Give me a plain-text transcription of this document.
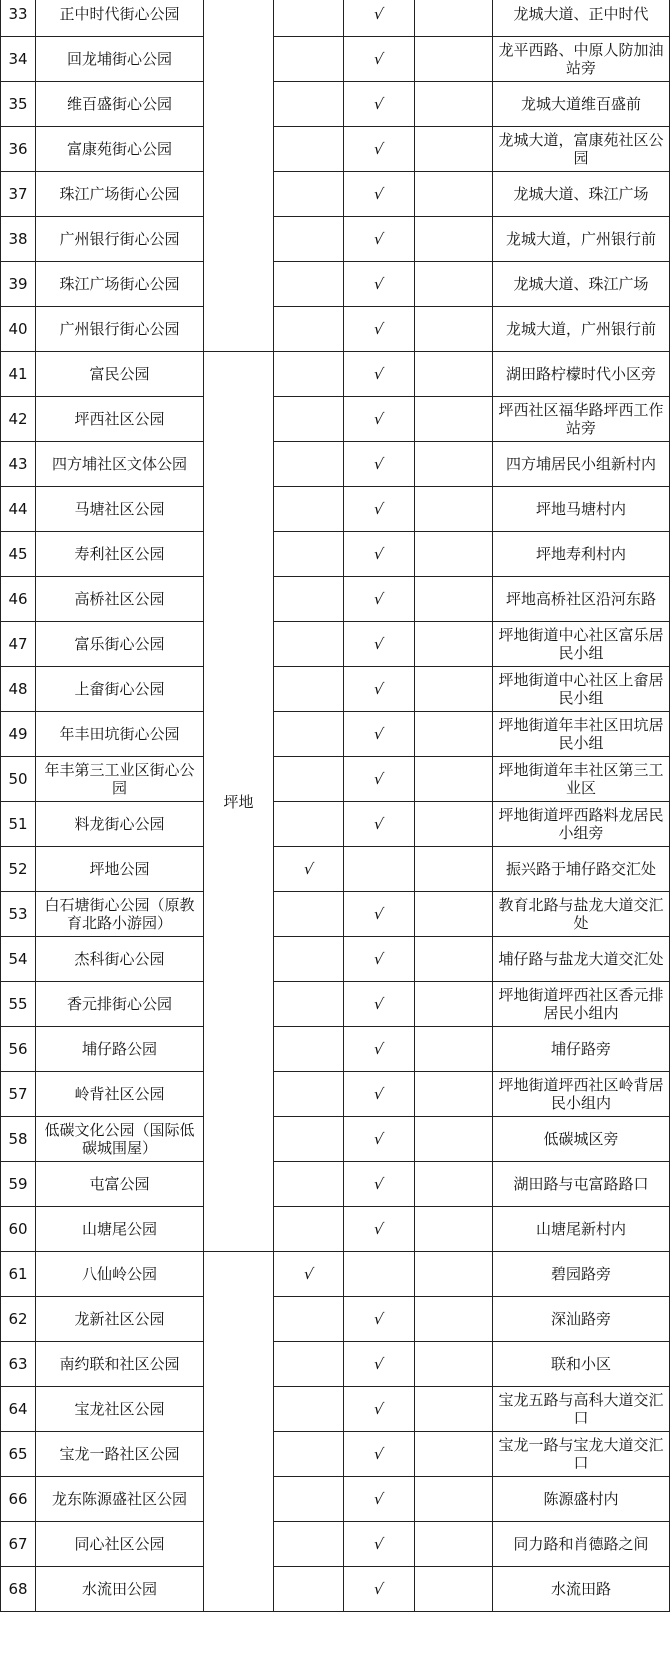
33	正中时代街心公园			√		龙城大道、正中时代
34	回龙埔街心公园			√		龙平西路、中原人防加油站旁
35	维百盛街心公园			√		龙城大道维百盛前
36	富康苑街心公园			√		龙城大道，富康苑社区公园
37	珠江广场街心公园			√		龙城大道、珠江广场
38	广州银行街心公园			√		龙城大道，广州银行前
39	珠江广场街心公园			√		龙城大道、珠江广场
40	广州银行街心公园			√		龙城大道，广州银行前
41	富民公园	坪地		√		湖田路柠檬时代小区旁
42	坪西社区公园			√		坪西社区福华路坪西工作站旁
43	四方埔社区文体公园			√		四方埔居民小组新村内
44	马塘社区公园			√		坪地马塘村内
45	寿利社区公园			√		坪地寿利村内
46	高桥社区公园			√		坪地高桥社区沿河东路
47	富乐街心公园			√		坪地街道中心社区富乐居民小组
48	上畲街心公园			√		坪地街道中心社区上畲居民小组
49	年丰田坑街心公园			√		坪地街道年丰社区田坑居民小组
50	年丰第三工业区街心公园			√		坪地街道年丰社区第三工业区
51	料龙街心公园			√		坪地街道坪西路料龙居民小组旁
52	坪地公园		√			振兴路于埔仔路交汇处
53	白石塘街心公园（原教育北路小游园）			√		教育北路与盐龙大道交汇处
54	杰科街心公园			√		埔仔路与盐龙大道交汇处
55	香元排街心公园			√		坪地街道坪西社区香元排居民小组内
56	埔仔路公园			√		埔仔路旁
57	岭背社区公园			√		坪地街道坪西社区岭背居民小组内
58	低碳文化公园（国际低碳城围屋）			√		低碳城区旁
59	屯富公园			√		湖田路与屯富路路口
60	山塘尾公园			√		山塘尾新村内
61	八仙岭公园		√			碧园路旁
62	龙新社区公园			√		深汕路旁
63	南约联和社区公园			√		联和小区
64	宝龙社区公园			√		宝龙五路与高科大道交汇口
65	宝龙一路社区公园			√		宝龙一路与宝龙大道交汇口
66	龙东陈源盛社区公园			√		陈源盛村内
67	同心社区公园			√		同力路和肖德路之间
68	水流田公园			√		水流田路
